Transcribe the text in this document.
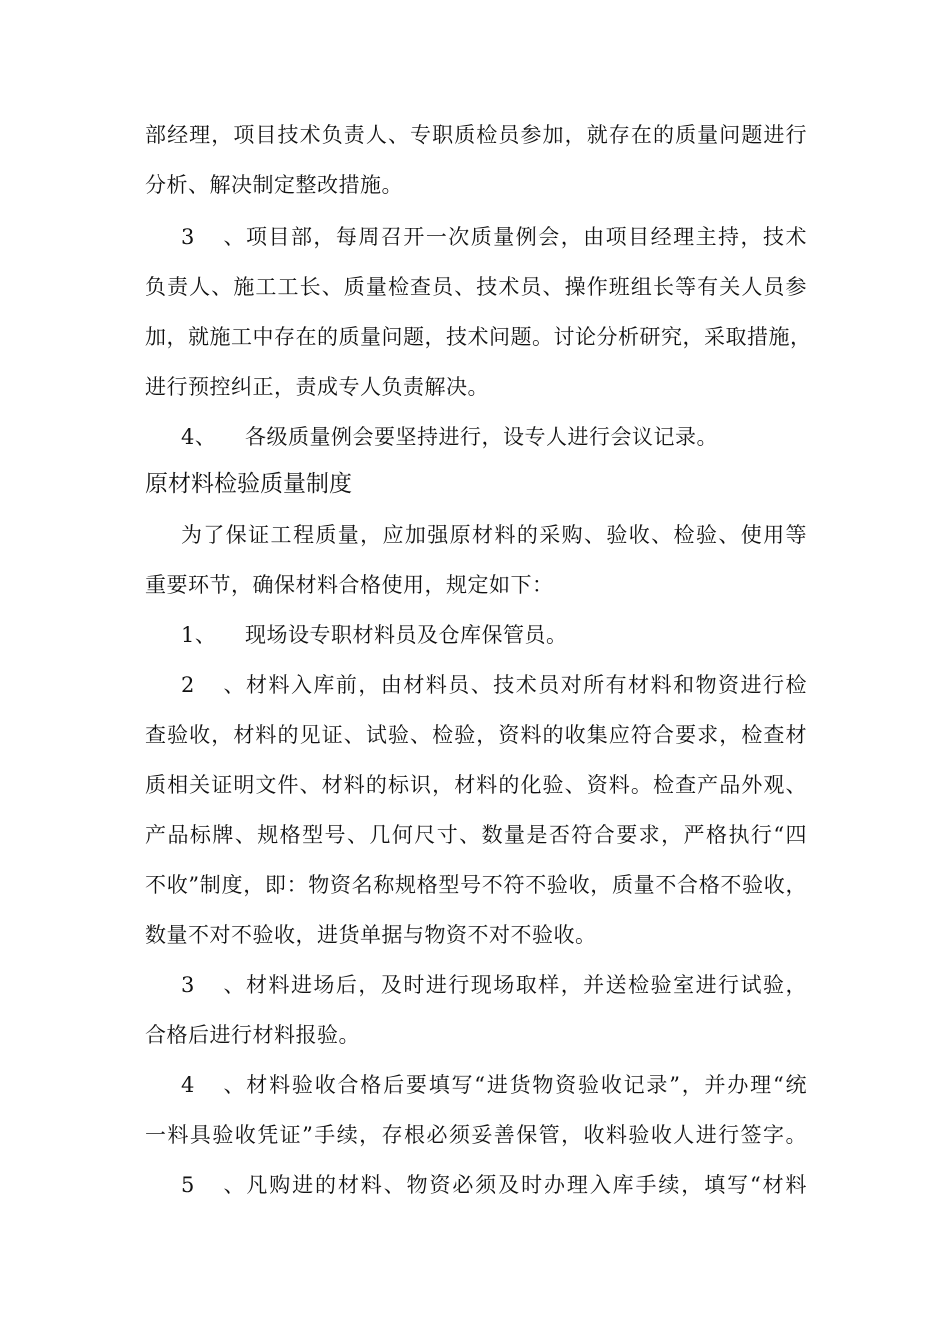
部经理，项目技术负责人、专职质检员参加，就存在的质量问题进行
分析、解决制定整改措施。
3、项目部，每周召开一次质量例会，由项目经理主持，技术
负责人、施工工长、质量检查员、技术员、操作班组长等有关人员参
加，就施工中存在的质量问题，技术问题。讨论分析研究，采取措施，
进行预控纠正，责成专人负责解决。
4、 各级质量例会要坚持进行，设专人进行会议记录。
原材料检验质量制度
为了保证工程质量，应加强原材料的采购、验收、检验、使用等
重要环节，确保材料合格使用，规定如下：
1、 现场设专职材料员及仓库保管员。
2、材料入库前，由材料员、技术员对所有材料和物资进行检
查验收，材料的见证、试验、检验，资料的收集应符合要求，检查材
质相关证明文件、材料的标识，材料的化验、资料。检查产品外观、
产品标牌、规格型号、几何尺寸、数量是否符合要求，严格执行“四
不收”制度，即：物资名称规格型号不符不验收，质量不合格不验收，
数量不对不验收，进货单据与物资不对不验收。
3、材料进场后，及时进行现场取样，并送检验室进行试验，
合格后进行材料报验。
4、材料验收合格后要填写“进货物资验收记录”，并办理“统
一料具验收凭证”手续，存根必须妥善保管，收料验收人进行签字。
5、凡购进的材料、物资必须及时办理入库手续，填写“材料
